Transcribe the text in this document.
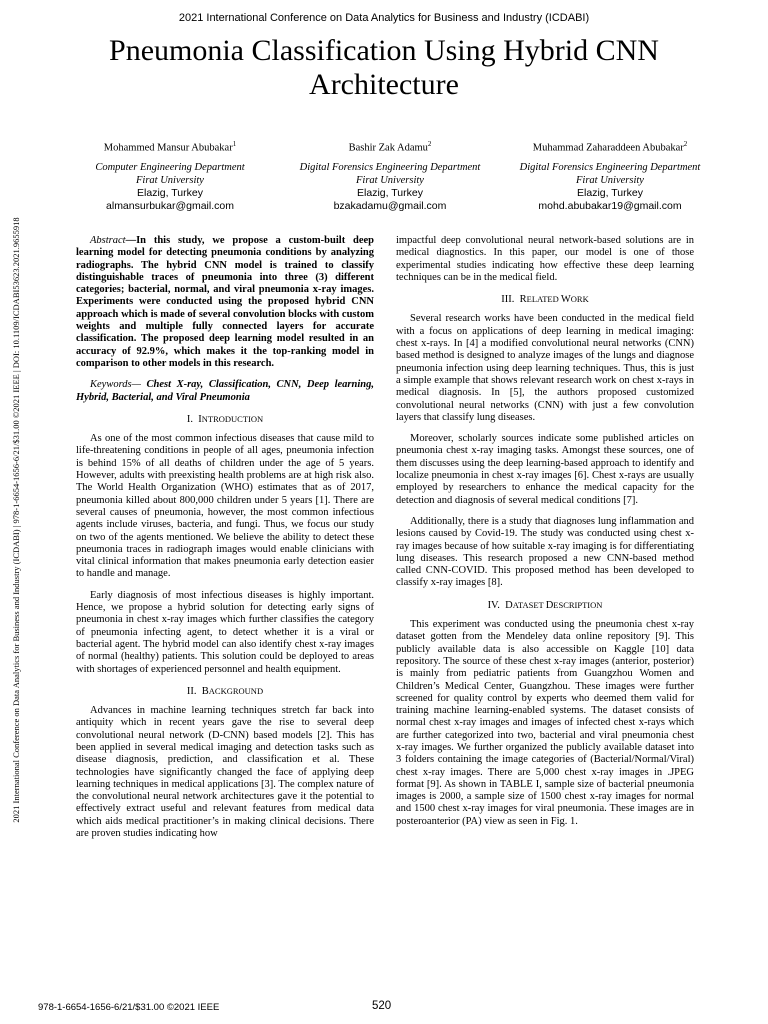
2021 International Conference on Data Analytics for Business and Industry (ICDABI)
Pneumonia Classification Using Hybrid CNN Architecture
2021 International Conference on Data Analytics for Business and Industry (ICDABI) | 978-1-6654-1656-6/21/$31.00 ©2021 IEEE | DOI: 10.1109/ICDABI53623.2021.9655918
Mohammed Mansur Abubakar$^1$
Computer Engineering Department
Firat University
Elazig, Turkey
almansurbukar@gmail.com
Bashir Zak Adamu$^2$
Digital Forensics Engineering Department
Firat University
Elazig, Turkey
bzakadamu@gmail.com
Muhammad Zaharaddeen Abubakar$^2$
Digital Forensics Engineering Department
Firat University
Elazig, Turkey
mohd.abubakar19@gmail.com

Abstract—In this study, we propose a custom-built deep learning model for detecting pneumonia conditions by analyzing radiographs. The hybrid CNN model is trained to classify distinguishable traces of pneumonia into three (3) different categories; bacterial, normal, and viral pneumonia x-ray images. Experiments were conducted using the proposed hybrid CNN approach which is made of several convolution blocks with custom weights and multiple fully connected layers for accurate classification. The proposed deep learning model resulted in an accuracy of 92.9%, which makes it the top-ranking model in comparison to other models in this research.

Keywords— Chest X-ray, Classification, CNN, Deep learning, Hybrid, Bacterial, and Viral Pneumonia

I. INTRODUCTION

As one of the most common infectious diseases that cause mild to life-threatening conditions in people of all ages, pneumonia infection is behind 15% of all deaths of children under the age of 5 years. However, adults with preexisting health problems are at high risk also. The World Health Organization (WHO) estimates that as of 2017, pneumonia killed about 800,000 children under 5 years [1]. There are several causes of pneumonia, however, the most common infectious agents include viruses, bacteria, and fungi. Thus, we focus our study on two of the agents mentioned. We believe the ability to detect these pneumonia traces in radiograph images would enable clinicians with vital clinical information that makes pneumonia early detection easier to handle and manage.

Early diagnosis of most infectious diseases is highly important. Hence, we propose a hybrid solution for detecting early signs of pneumonia in chest x-ray images which further classifies the category of pneumonia infecting agent, to detect whether it is a viral or bacterial agent. The hybrid model can also identify chest x-ray images of normal (healthy) patients. This solution could be deployed to areas with shortages of experienced personnel and health equipment.

II. BACKGROUND

Advances in machine learning techniques stretch far back into antiquity which in recent years gave the rise to several deep convolutional neural network (D-CNN) based models [2]. This has been applied in several medical imaging and detection tasks such as disease diagnosis, prediction, and classification et al. These technologies have significantly changed the face of applying deep learning techniques in medical applications [3]. The complex nature of the convolutional neural network architectures gave it the potential to effectively extract useful and relevant features from medical data which aids medical practitioner’s in making clinical decisions. There are proven studies indicating how

impactful deep convolutional neural network-based solutions are in medical diagnostics. In this paper, our model is one of those experimental studies indicating how effective these deep learning techniques can be in the medical field.

III. RELATED WORK

Several research works have been conducted in the medical field with a focus on applications of deep learning in medical imaging: chest x-rays. In [4] a modified convolutional neural networks (CNN) based method is designed to analyze images of the lungs and diagnose pneumonia infection using deep learning techniques. Thus, this is just a simple example that shows relevant research work on chest x-rays in medical diagnosis. In [5], the authors proposed customized convolutional neural networks (CNN) with just a few convolution layers that classify lung diseases.

Moreover, scholarly sources indicate some published articles on pneumonia chest x-ray imaging tasks. Amongst these sources, one of them discusses using the deep learning-based approach to identify and localize pneumonia in chest x-ray images [6]. Chest x-rays are usually employed by researchers to enhance the medical capacity for the detection and diagnosis of several medical conditions [7].

Additionally, there is a study that diagnoses lung inflammation and lesions caused by Covid-19. The study was conducted using chest x-ray images because of how suitable x-ray imaging is for differentiating lung diseases. This research proposed a new CNN-based method called CNN-COVID. This proposed method has been developed to classify x-ray images [8].

IV. DATASET DESCRIPTION

This experiment was conducted using the pneumonia chest x-ray dataset gotten from the Mendeley data online repository [9]. This publicly available data is also accessible on Kaggle [10] data repository. The source of these chest x-ray images (anterior, posterior) is mainly from pediatric patients from Guangzhou Women and Children’s Medical Center, Guangzhou. These images were further screened for quality control by experts who deemed them valid for training machine learning-enabled systems. The dataset consists of normal chest x-ray images and images of infected chest x-rays which are further categorized into two, bacterial and viral pneumonia chest x-ray images. We further organized the publicly available dataset into 3 folders containing the image categories of (Bacterial/Normal/Viral) chest x-ray images. There are 5,000 chest x-ray images in .JPEG format [9]. As shown in TABLE I, sample size of bacterial pneumonia images is 2000, a sample size of 1500 chest x-ray images for normal and 1500 chest x-ray images for viral pneumonia. These images are in posteroanterior (PA) view as seen in Fig. 1.

978-1-6654-1656-6/21/$31.00 ©2021 IEEE	520
